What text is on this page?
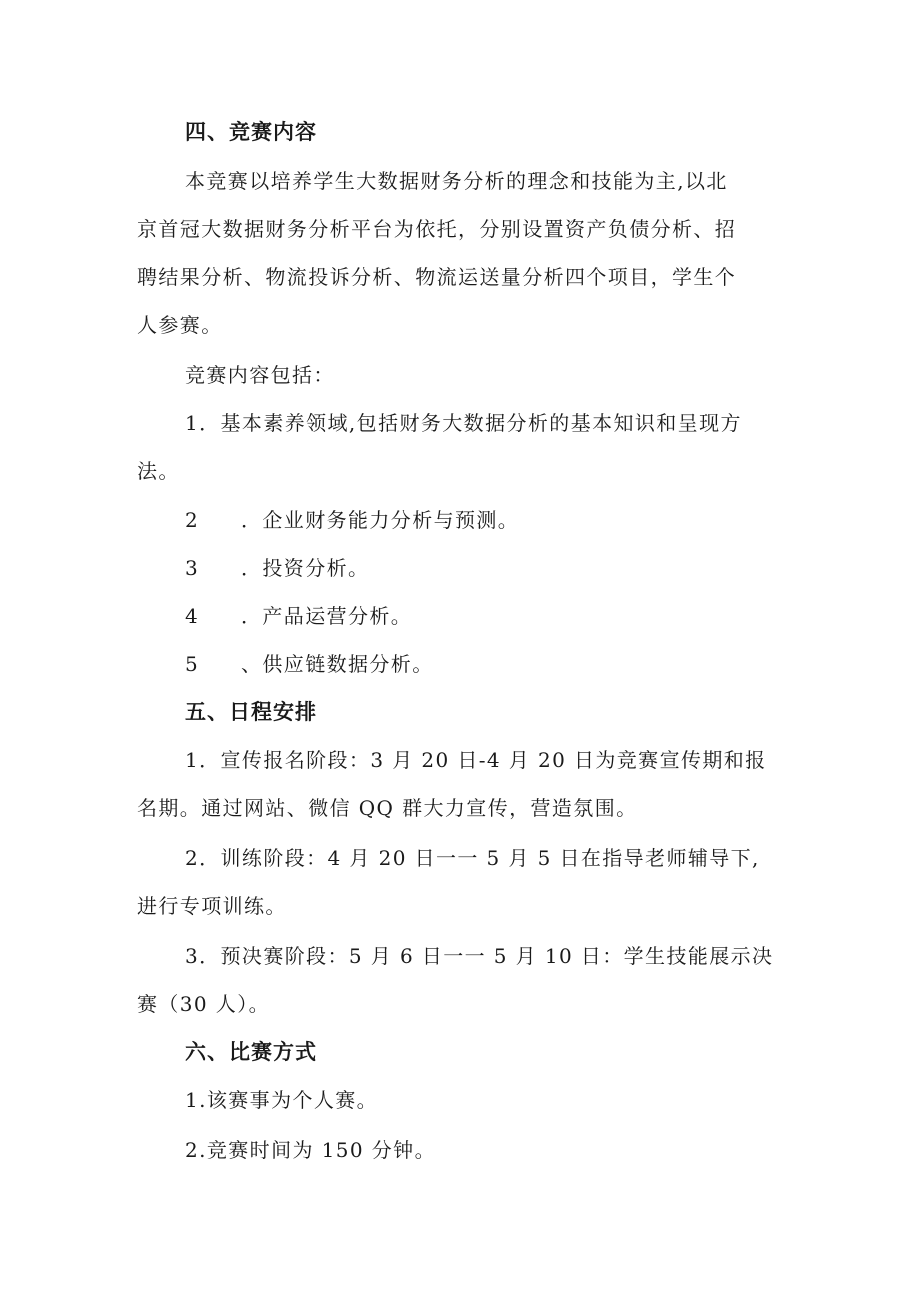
四、竞赛内容
本竞赛以培养学生大数据财务分析的理念和技能为主,以北
京首冠大数据财务分析平台为依托，分别设置资产负债分析、招
聘结果分析、物流投诉分析、物流运送量分析四个项目，学生个
人参赛。
竞赛内容包括：
1．基本素养领域,包括财务大数据分析的基本知识和呈现方
法。
2 ．企业财务能力分析与预测。
3 ．投资分析。
4 ．产品运营分析。
5 、供应链数据分析。
五、日程安排
1．宣传报名阶段：3 月 20 日-4 月 20 日为竞赛宣传期和报
名期。通过网站、微信 QQ 群大力宣传，营造氛围。
2．训练阶段：4 月 20 日一一 5 月 5 日在指导老师辅导下,
进行专项训练。
3．预决赛阶段：5 月 6 日一一 5 月 10 日：学生技能展示决
赛（30 人）。
六、比赛方式
1.该赛事为个人赛。
2.竞赛时间为 150 分钟。
